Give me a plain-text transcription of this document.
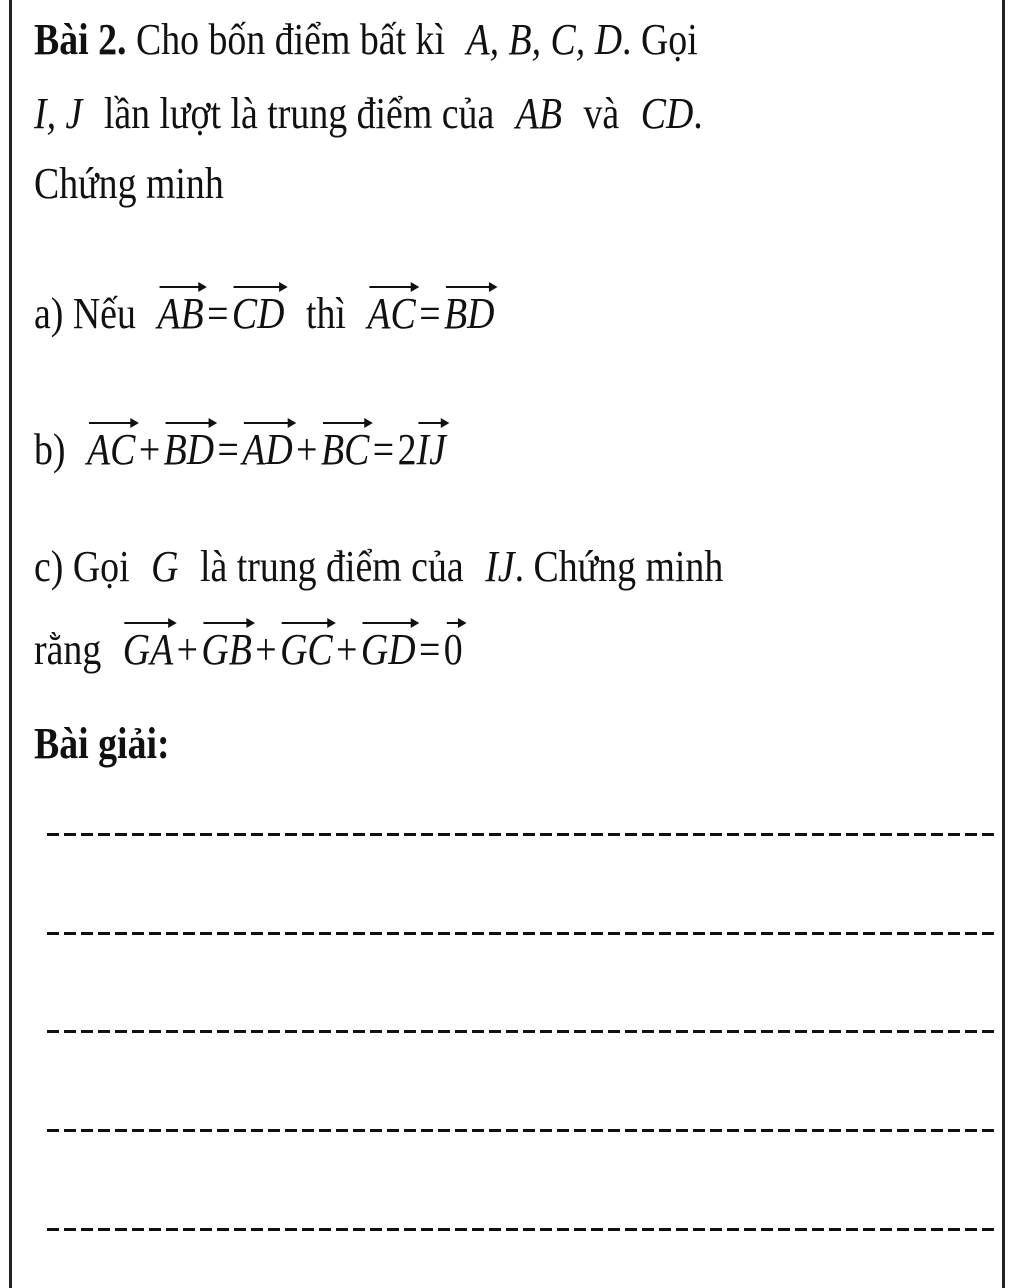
Bài 2. Cho bốn điểm bất kì A, B, C, D. Gọi
I, J lần lượt là trung điểm của AB và CD.
Chứng minh
a) Nếu AB=CD thì AC=BD
b) AC+BD=AD+BC=2IJ
c) Gọi G là trung điểm của IJ. Chứng minh
rằng GA+GB+GC+GD=0
Bài giải:
